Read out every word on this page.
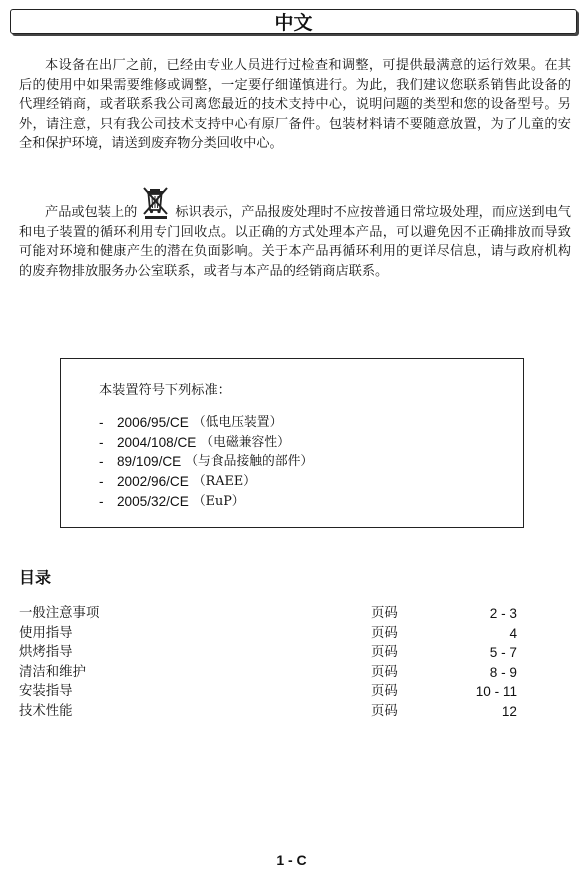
中文

本设备在出厂之前，已经由专业人员进行过检查和调整，可提供最满意的运行效果。在其后的使用中如果需要维修或调整，一定要仔细谨慎进行。为此，我们建议您联系销售此设备的代理经销商，或者联系我公司离您最近的技术支持中心，说明问题的类型和您的设备型号。另外，请注意，只有我公司技术支持中心有原厂备件。包装材料请不要随意放置，为了儿童的安全和保护环境，请送到废弃物分类回收中心。

产品或包装上的	标识表示，产品报废处理时不应按普通日常垃圾处理，而应送到电气和电子装置的循环利用专门回收点。以正确的方式处理本产品，可以避免因不正确排放而导致可能对环境和健康产生的潜在负面影响。关于本产品再循环利用的更详尽信息，请与政府机构的废弃物排放服务办公室联系，或者与本产品的经销商店联系。

本装置符号下列标准：
- 2006/95/CE （低电压装置）
- 2004/108/CE （电磁兼容性）
- 89/109/CE （与食品接触的部件）
- 2002/96/CE （RAEE）
- 2005/32/CE （EuP）
目录
一般注意事项	页码	2 - 3
使用指导	页码	4
烘烤指导	页码	5 - 7
清洁和维护	页码	8 - 9
安装指导	页码	10 - 11
技术性能	页码	12
1 - C
